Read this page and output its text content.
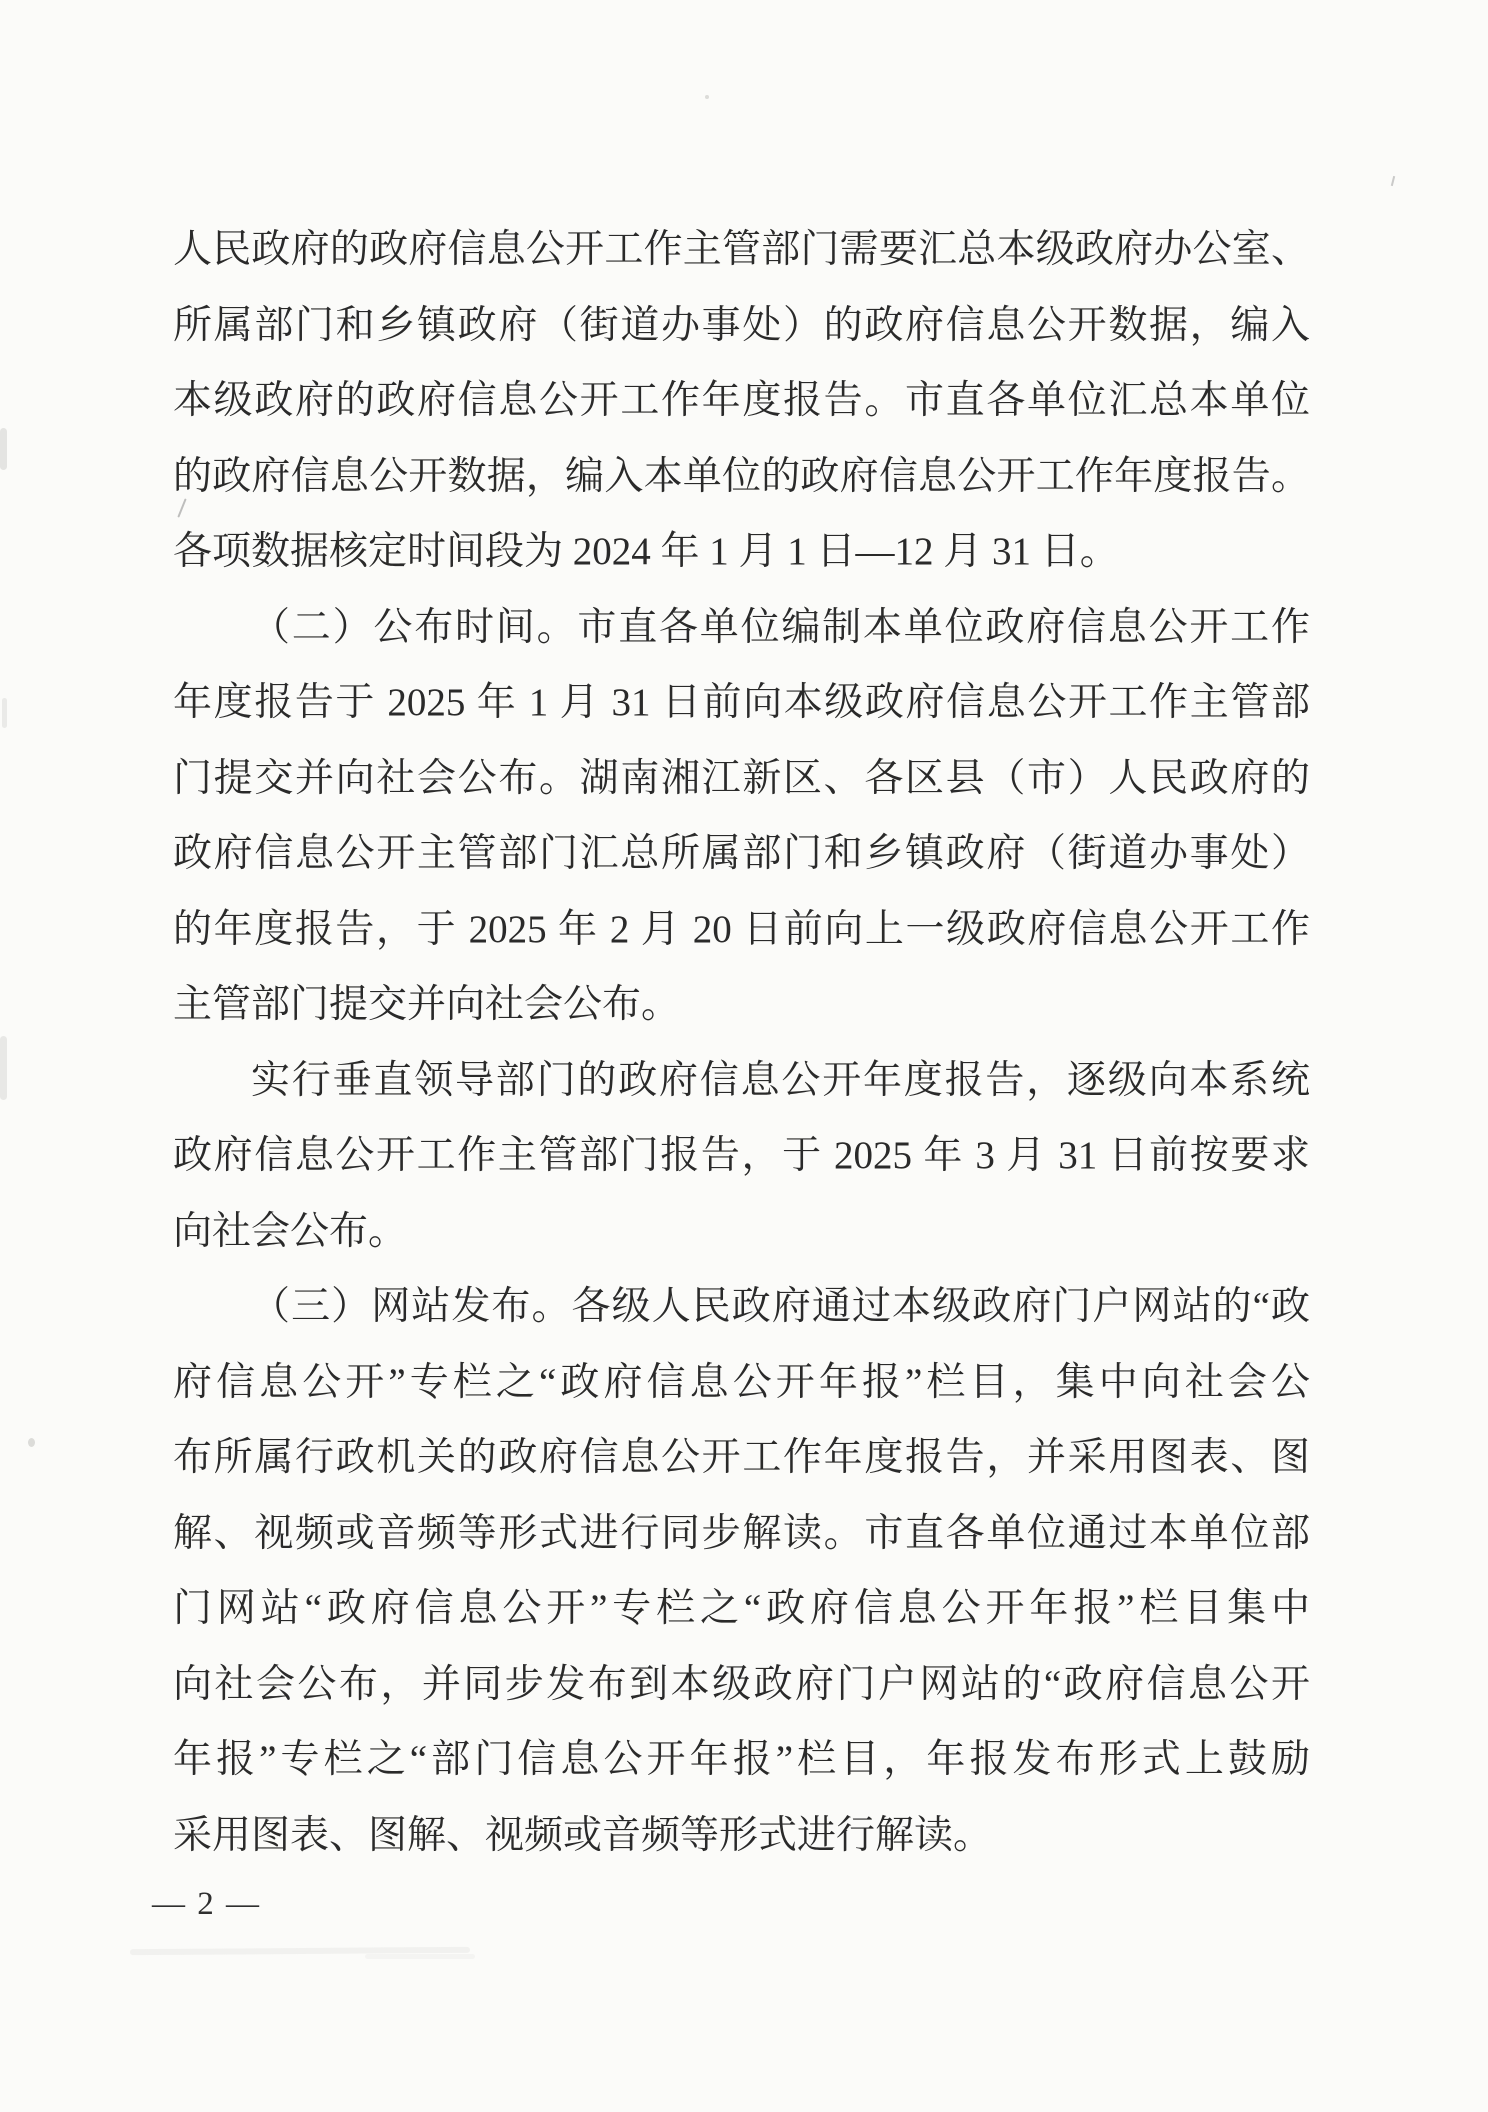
人民政府的政府信息公开工作主管部门需要汇总本级政府办公室、
所属部门和乡镇政府（街道办事处）的政府信息公开数据，编入
本级政府的政府信息公开工作年度报告。市直各单位汇总本单位
的政府信息公开数据，编入本单位的政府信息公开工作年度报告。
各项数据核定时间段为 2024 年 1 月 1 日—12 月 31 日。
（二）公布时间。市直各单位编制本单位政府信息公开工作
年度报告于 2025 年 1 月 31 日前向本级政府信息公开工作主管部
门提交并向社会公布。湖南湘江新区、各区县（市）人民政府的
政府信息公开主管部门汇总所属部门和乡镇政府（街道办事处）
的年度报告，于 2025 年 2 月 20 日前向上一级政府信息公开工作
主管部门提交并向社会公布。
实行垂直领导部门的政府信息公开年度报告，逐级向本系统
政府信息公开工作主管部门报告，于 2025 年 3 月 31 日前按要求
向社会公布。
（三）网站发布。各级人民政府通过本级政府门户网站的“政
府信息公开”专栏之“政府信息公开年报”栏目，集中向社会公
布所属行政机关的政府信息公开工作年度报告，并采用图表、图
解、视频或音频等形式进行同步解读。市直各单位通过本单位部
门网站“政府信息公开”专栏之“政府信息公开年报”栏目集中
向社会公布，并同步发布到本级政府门户网站的“政府信息公开
年报”专栏之“部门信息公开年报”栏目，年报发布形式上鼓励
采用图表、图解、视频或音频等形式进行解读。
— 2 —
